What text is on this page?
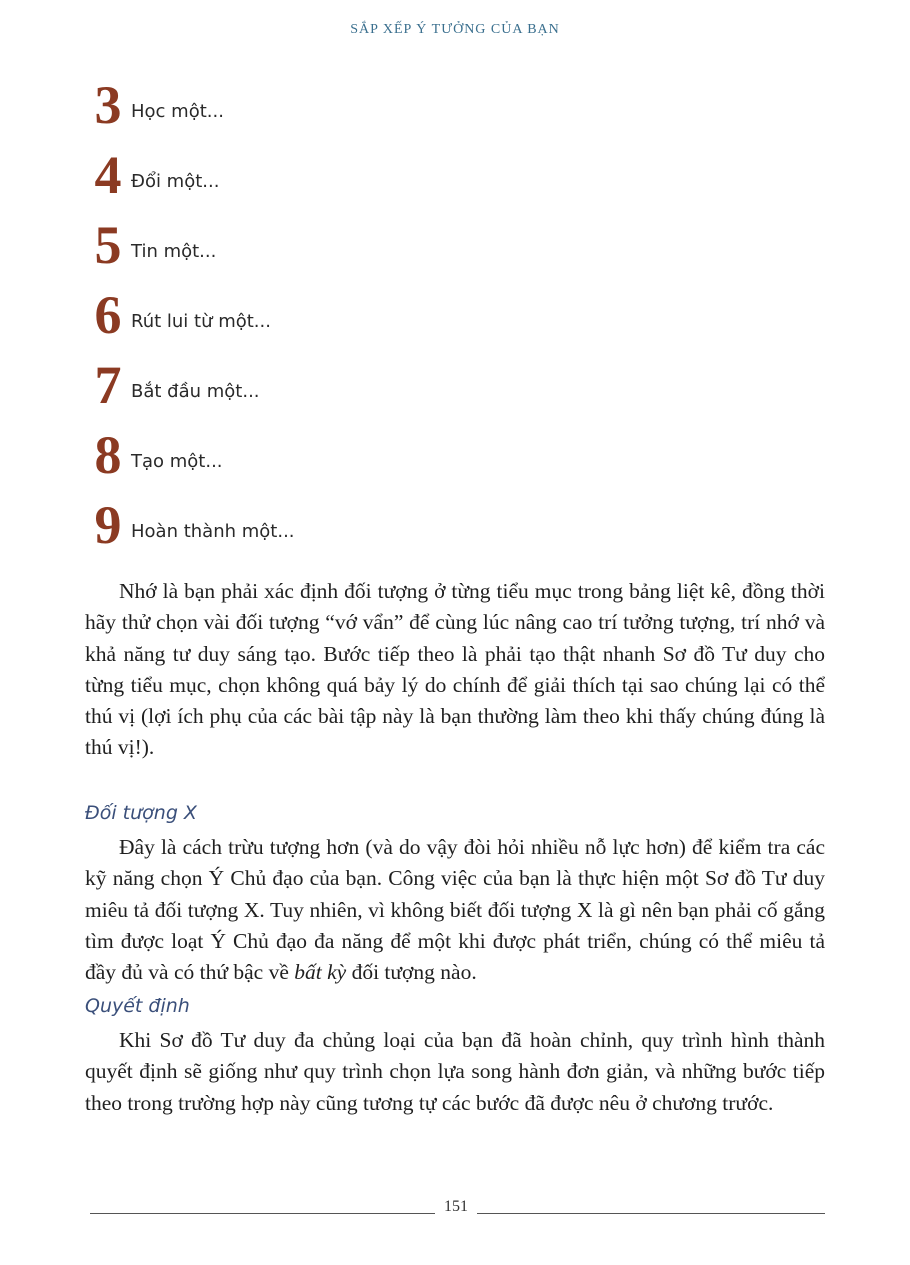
SẮP XẾP Ý TƯỞNG CỦA BẠN
3 Học một...
4 Đổi một...
5 Tin một...
6 Rút lui từ một...
7 Bắt đầu một...
8 Tạo một...
9 Hoàn thành một...

Nhớ là bạn phải xác định đối tượng ở từng tiểu mục trong bảng liệt kê, đồng thời hãy thử chọn vài đối tượng “vớ vẩn” để cùng lúc nâng cao trí tưởng tượng, trí nhớ và khả năng tư duy sáng tạo. Bước tiếp theo là phải tạo thật nhanh Sơ đồ Tư duy cho từng tiểu mục, chọn không quá bảy lý do chính để giải thích tại sao chúng lại có thể thú vị (lợi ích phụ của các bài tập này là bạn thường làm theo khi thấy chúng đúng là thú vị!).

Đối tượng X

Đây là cách trừu tượng hơn (và do vậy đòi hỏi nhiều nỗ lực hơn) để kiểm tra các kỹ năng chọn Ý Chủ đạo của bạn. Công việc của bạn là thực hiện một Sơ đồ Tư duy miêu tả đối tượng X. Tuy nhiên, vì không biết đối tượng X là gì nên bạn phải cố gắng tìm được loạt Ý Chủ đạo đa năng để một khi được phát triển, chúng có thể miêu tả đầy đủ và có thứ bậc về bất kỳ đối tượng nào.

Quyết định

Khi Sơ đồ Tư duy đa chủng loại của bạn đã hoàn chỉnh, quy trình hình thành quyết định sẽ giống như quy trình chọn lựa song hành đơn giản, và những bước tiếp theo trong trường hợp này cũng tương tự các bước đã được nêu ở chương trước.

151
